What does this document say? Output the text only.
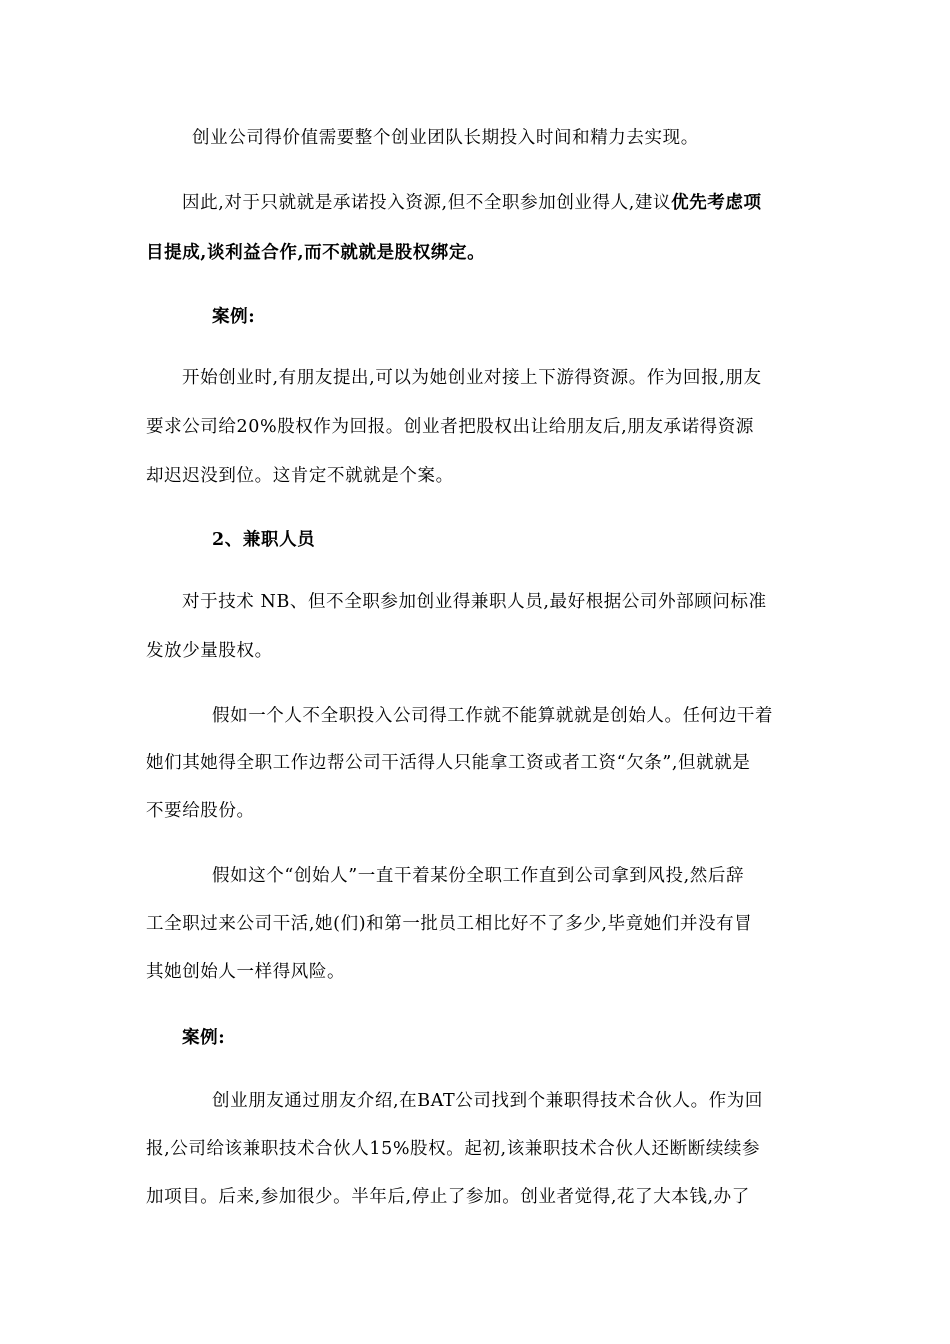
创业公司得价值需要整个创业团队长期投入时间和精力去实现。
因此,对于只就就是承诺投入资源,但不全职参加创业得人,建议优先考虑项
目提成,谈利益合作,而不就就是股权绑定。
案例:
开始创业时,有朋友提出,可以为她创业对接上下游得资源。作为回报,朋友
要求公司给20%股权作为回报。创业者把股权出让给朋友后,朋友承诺得资源
却迟迟没到位。这肯定不就就是个案。
2、兼职人员
对于技术 NB、但不全职参加创业得兼职人员,最好根据公司外部顾问标准
发放少量股权。
假如一个人不全职投入公司得工作就不能算就就是创始人。任何边干着
她们其她得全职工作边帮公司干活得人只能拿工资或者工资“欠条”,但就就是
不要给股份。
假如这个“创始人”一直干着某份全职工作直到公司拿到风投,然后辞
工全职过来公司干活,她(们)和第一批员工相比好不了多少,毕竟她们并没有冒
其她创始人一样得风险。
案例:
创业朋友通过朋友介绍,在BAT公司找到个兼职得技术合伙人。作为回
报,公司给该兼职技术合伙人15%股权。起初,该兼职技术合伙人还断断续续参
加项目。后来,参加很少。半年后,停止了参加。创业者觉得,花了大本钱,办了
